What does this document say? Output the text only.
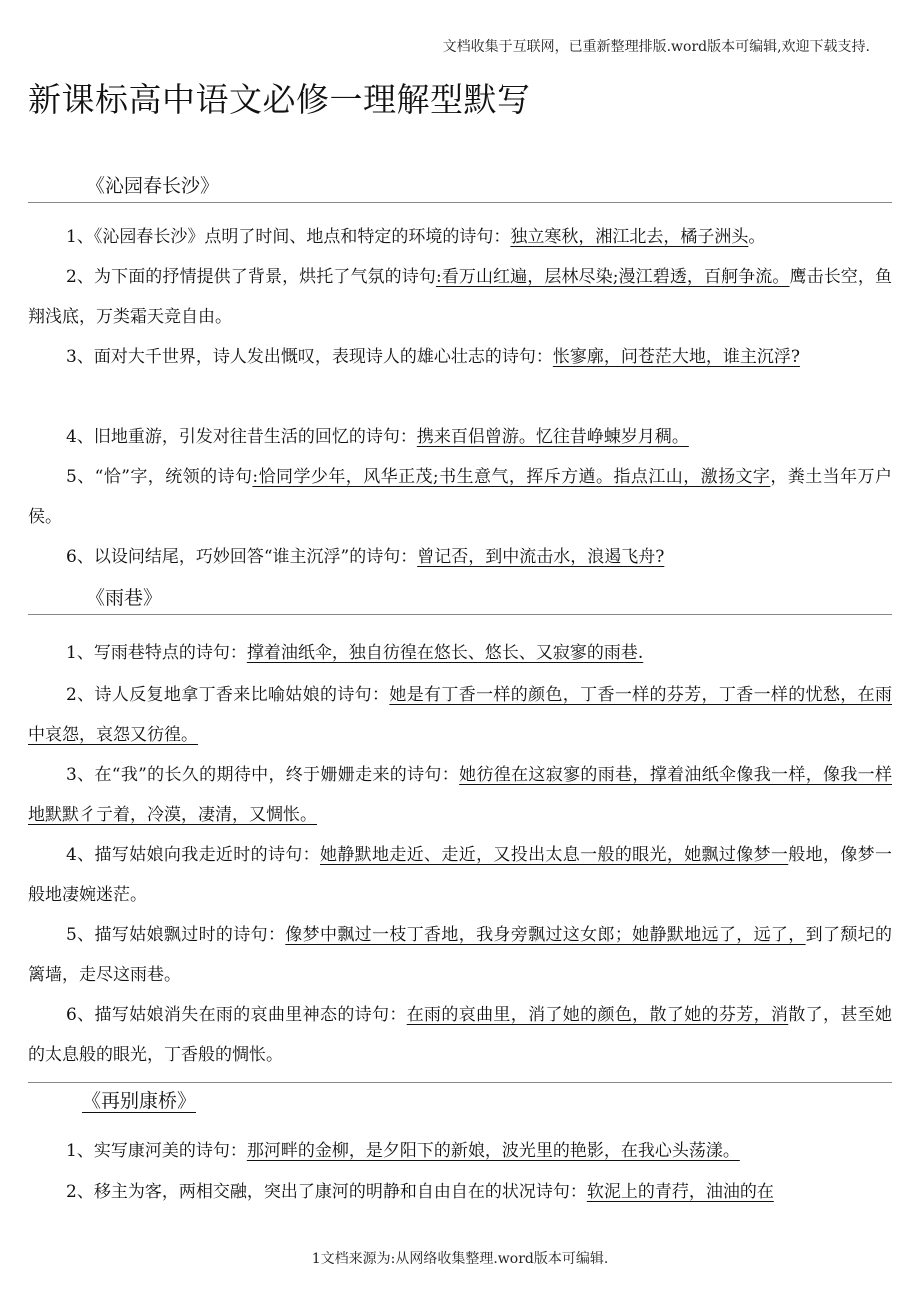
文档收集于互联网，已重新整理排版.word版本可编辑,欢迎下载支持.
新课标高中语文必修一理解型默写
《沁园春长沙》

1、《沁园春长沙》点明了时间、地点和特定的环境的诗句：独立寒秋，湘江北去，橘子洲头。

2、为下面的抒情提供了背景，烘托了气氛的诗句:看万山红遍，层林尽染;漫江碧透，百舸争流。鹰击长空，鱼翔浅底，万类霜天竞自由。

3、面对大千世界，诗人发出慨叹，表现诗人的雄心壮志的诗句：怅寥廓，问苍茫大地，谁主沉浮?

4、旧地重游，引发对往昔生活的回忆的诗句：携来百侣曾游。忆往昔峥蝀岁月稠。

5、“恰”字，统领的诗句:恰同学少年，风华正茂;书生意气，挥斥方遒。指点江山，激扬文字，粪土当年万户侯。

6、以设问结尾，巧妙回答“谁主沉浮”的诗句：曾记否，到中流击水，浪遏飞舟?

《雨巷》

1、写雨巷特点的诗句：撑着油纸伞，独自彷徨在悠长、悠长、又寂寥的雨巷.

2、诗人反复地拿丁香来比喻姑娘的诗句：她是有丁香一样的颜色，丁香一样的芬芳，丁香一样的忧愁，在雨中哀怨，哀怨又彷徨。

3、在“我”的长久的期待中，终于姗姗走来的诗句：她彷徨在这寂寥的雨巷，撑着油纸伞像我一样，像我一样地默默彳亍着，冷漠，凄清，又惆怅。

4、描写姑娘向我走近时的诗句：她静默地走近、走近，又投出太息一般的眼光，她飘过像梦一般地，像梦一般地凄婉迷茫。

5、描写姑娘飘过时的诗句：像梦中飘过一枝丁香地，我身旁飘过这女郎；她静默地远了，远了，到了颓圮的篱墙，走尽这雨巷。

6、描写姑娘消失在雨的哀曲里神态的诗句：在雨的哀曲里，消了她的颜色，散了她的芬芳，消散了，甚至她的太息般的眼光，丁香般的惆怅。

《再别康桥》

1、实写康河美的诗句：那河畔的金柳，是夕阳下的新娘，波光里的艳影，在我心头荡漾。

2、移主为客，两相交融，突出了康河的明静和自由自在的状况诗句：软泥上的青荇，油油的在

1文档来源为:从网络收集整理.word版本可编辑.
